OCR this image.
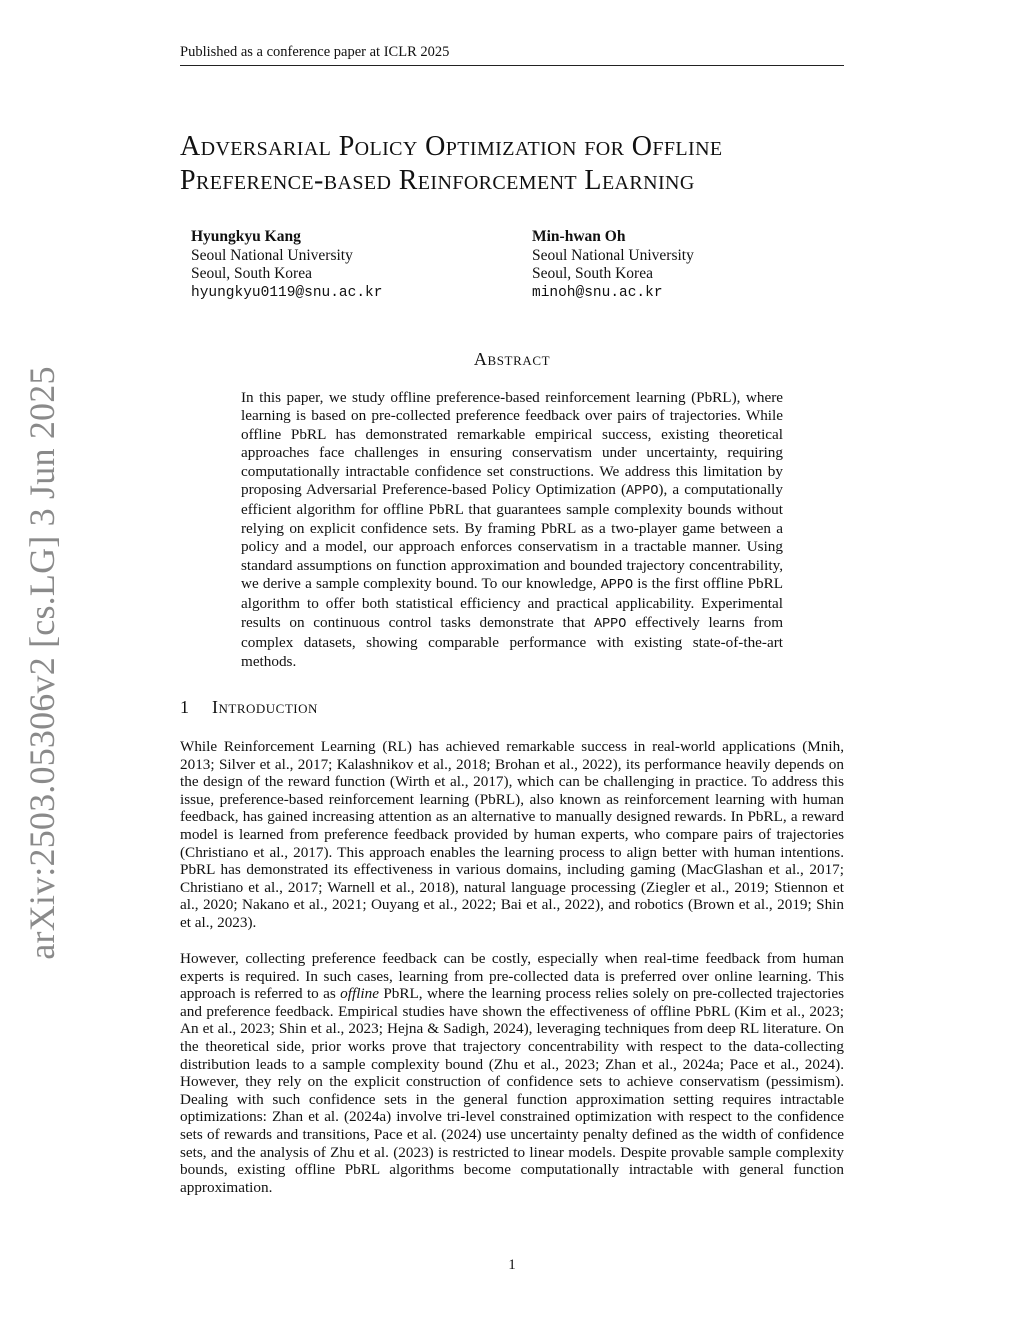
Published as a conference paper at ICLR 2025
arXiv:2503.05306v2 [cs.LG] 3 Jun 2025
Adversarial Policy Optimization for Offline
Preference-based Reinforcement Learning
Hyungkyu Kang
Seoul National University
Seoul, South Korea
hyungkyu0119@snu.ac.kr
Min-hwan Oh
Seoul National University
Seoul, South Korea
minoh@snu.ac.kr
Abstract
In this paper, we study offline preference-based reinforcement learning (PbRL), where learning is based on pre-collected preference feedback over pairs of trajectories. While offline PbRL has demonstrated remarkable empirical success, existing theoretical approaches face challenges in ensuring conservatism under uncertainty, requiring computationally intractable confidence set constructions. We address this limitation by proposing Adversarial Preference-based Policy Optimization (APPO), a computationally efficient algorithm for offline PbRL that guarantees sample complexity bounds without relying on explicit confidence sets. By framing PbRL as a two-player game between a policy and a model, our approach enforces conservatism in a tractable manner. Using standard assumptions on function approximation and bounded trajectory concentrability, we derive a sample complexity bound. To our knowledge, APPO is the first offline PbRL algorithm to offer both statistical efficiency and practical applicability. Experimental results on continuous control tasks demonstrate that APPO effectively learns from complex datasets, showing comparable performance with existing state-of-the-art methods.
1 Introduction
While Reinforcement Learning (RL) has achieved remarkable success in real-world applications (Mnih, 2013; Silver et al., 2017; Kalashnikov et al., 2018; Brohan et al., 2022), its performance heavily depends on the design of the reward function (Wirth et al., 2017), which can be challenging in practice. To address this issue, preference-based reinforcement learning (PbRL), also known as reinforcement learning with human feedback, has gained increasing attention as an alternative to manually designed rewards. In PbRL, a reward model is learned from preference feedback provided by human experts, who compare pairs of trajectories (Christiano et al., 2017). This approach enables the learning process to align better with human intentions. PbRL has demonstrated its effectiveness in various domains, including gaming (MacGlashan et al., 2017; Christiano et al., 2017; Warnell et al., 2018), natural language processing (Ziegler et al., 2019; Stiennon et al., 2020; Nakano et al., 2021; Ouyang et al., 2022; Bai et al., 2022), and robotics (Brown et al., 2019; Shin et al., 2023).
However, collecting preference feedback can be costly, especially when real-time feedback from human experts is required. In such cases, learning from pre-collected data is preferred over online learning. This approach is referred to as offline PbRL, where the learning process relies solely on pre-collected trajectories and preference feedback. Empirical studies have shown the effectiveness of offline PbRL (Kim et al., 2023; An et al., 2023; Shin et al., 2023; Hejna & Sadigh, 2024), leveraging techniques from deep RL literature. On the theoretical side, prior works prove that trajectory concentrability with respect to the data-collecting distribution leads to a sample complexity bound (Zhu et al., 2023; Zhan et al., 2024a; Pace et al., 2024). However, they rely on the explicit construction of confidence sets to achieve conservatism (pessimism). Dealing with such confidence sets in the general function approximation setting requires intractable optimizations: Zhan et al. (2024a) involve tri-level constrained optimization with respect to the confidence sets of rewards and transitions, Pace et al. (2024) use uncertainty penalty defined as the width of confidence sets, and the analysis of Zhu et al. (2023) is restricted to linear models. Despite provable sample complexity bounds, existing offline PbRL algorithms become computationally intractable with general function approximation.
1
